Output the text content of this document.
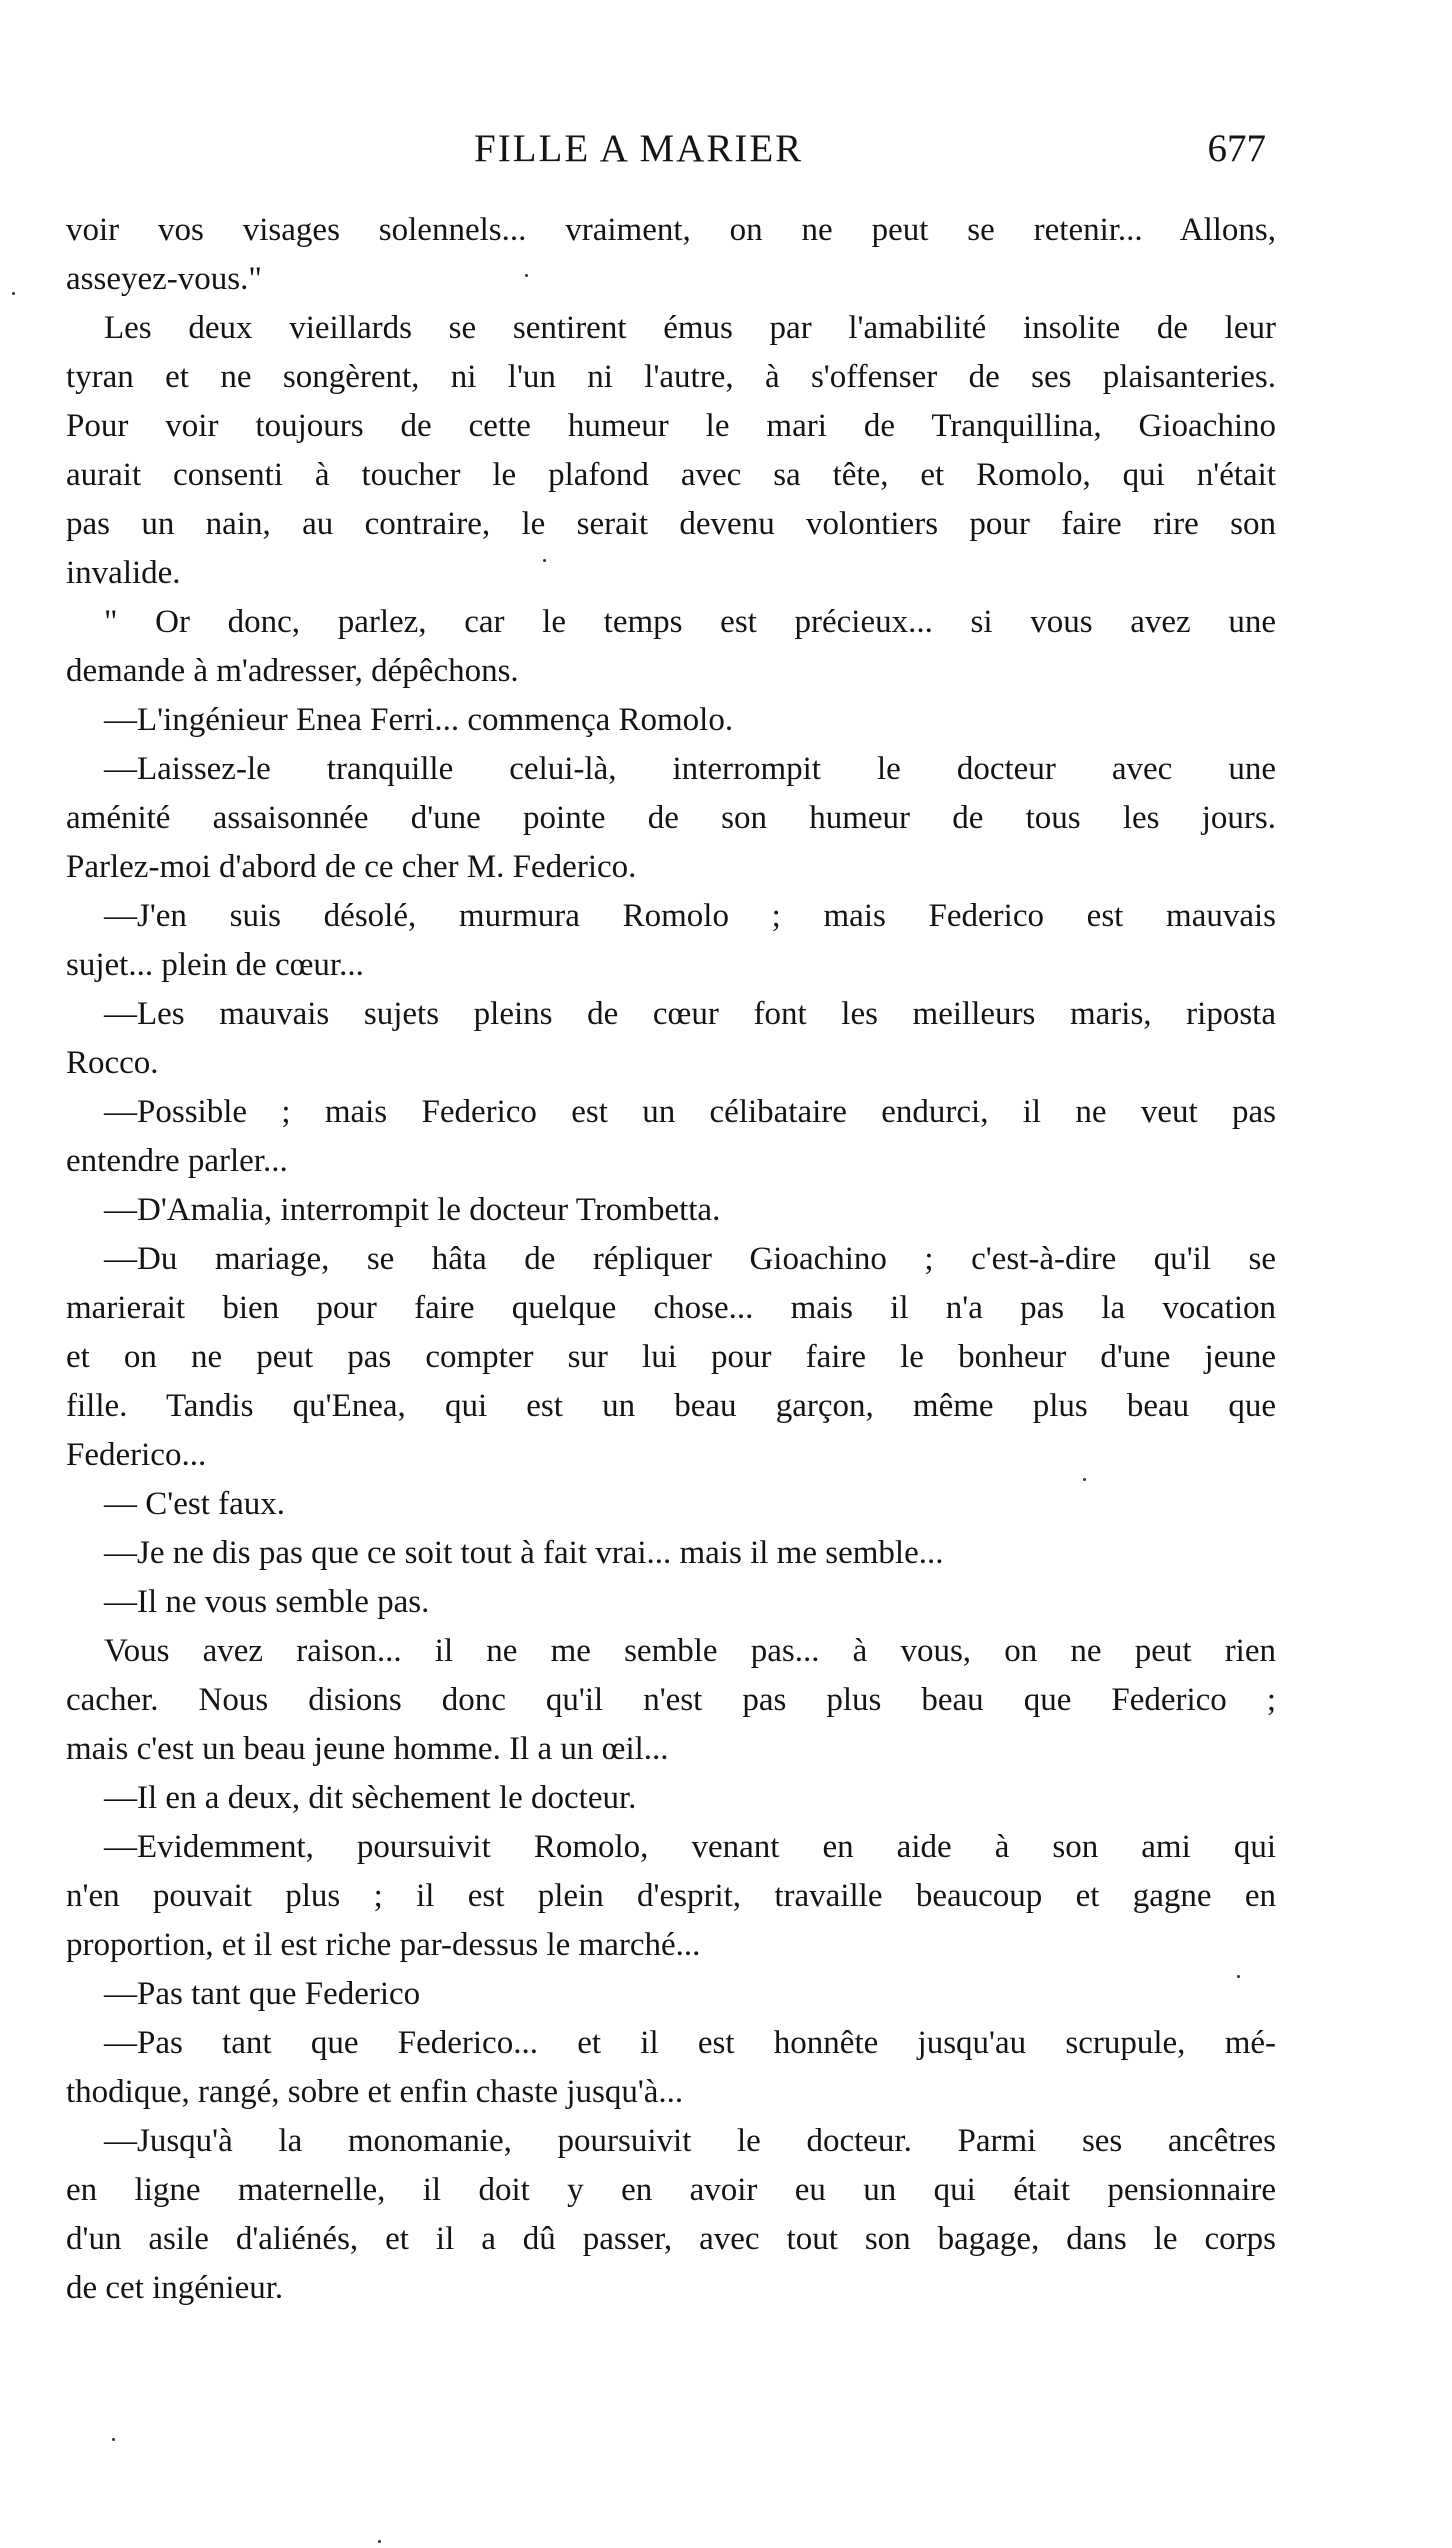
FILLE A MARIER	677
voir vos visages solennels... vraiment, on ne peut se retenir... Allons,
asseyez-vous."
Les deux vieillards se sentirent émus par l'amabilité insolite de leur
tyran et ne songèrent, ni l'un ni l'autre, à s'offenser de ses plaisanteries.
Pour voir toujours de cette humeur le mari de Tranquillina, Gioachino
aurait consenti à toucher le plafond avec sa tête, et Romolo, qui n'était
pas un nain, au contraire, le serait devenu volontiers pour faire rire son
invalide.
" Or donc, parlez, car le temps est précieux... si vous avez une
demande à m'adresser, dépêchons.
—L'ingénieur Enea Ferri... commença Romolo.
—Laissez-le tranquille celui-là, interrompit le docteur avec une
aménité assaisonnée d'une pointe de son humeur de tous les jours.
Parlez-moi d'abord de ce cher M. Federico.
—J'en suis désolé, murmura Romolo ; mais Federico est mauvais
sujet... plein de cœur...
—Les mauvais sujets pleins de cœur font les meilleurs maris, riposta
Rocco.
—Possible ; mais Federico est un célibataire endurci, il ne veut pas
entendre parler...
—D'Amalia, interrompit le docteur Trombetta.
—Du mariage, se hâta de répliquer Gioachino ; c'est-à-dire qu'il se
marierait bien pour faire quelque chose... mais il n'a pas la vocation
et on ne peut pas compter sur lui pour faire le bonheur d'une jeune
fille. Tandis qu'Enea, qui est un beau garçon, même plus beau que
Federico...
— C'est faux.
—Je ne dis pas que ce soit tout à fait vrai... mais il me semble...
—Il ne vous semble pas.
Vous avez raison... il ne me semble pas... à vous, on ne peut rien
cacher. Nous disions donc qu'il n'est pas plus beau que Federico ;
mais c'est un beau jeune homme. Il a un œil...
—Il en a deux, dit sèchement le docteur.
—Evidemment, poursuivit Romolo, venant en aide à son ami qui
n'en pouvait plus ; il est plein d'esprit, travaille beaucoup et gagne en
proportion, et il est riche par-dessus le marché...
—Pas tant que Federico
—Pas tant que Federico... et il est honnête jusqu'au scrupule, mé-
thodique, rangé, sobre et enfin chaste jusqu'à...
—Jusqu'à la monomanie, poursuivit le docteur. Parmi ses ancêtres
en ligne maternelle, il doit y en avoir eu un qui était pensionnaire
d'un asile d'aliénés, et il a dû passer, avec tout son bagage, dans le corps
de cet ingénieur.
